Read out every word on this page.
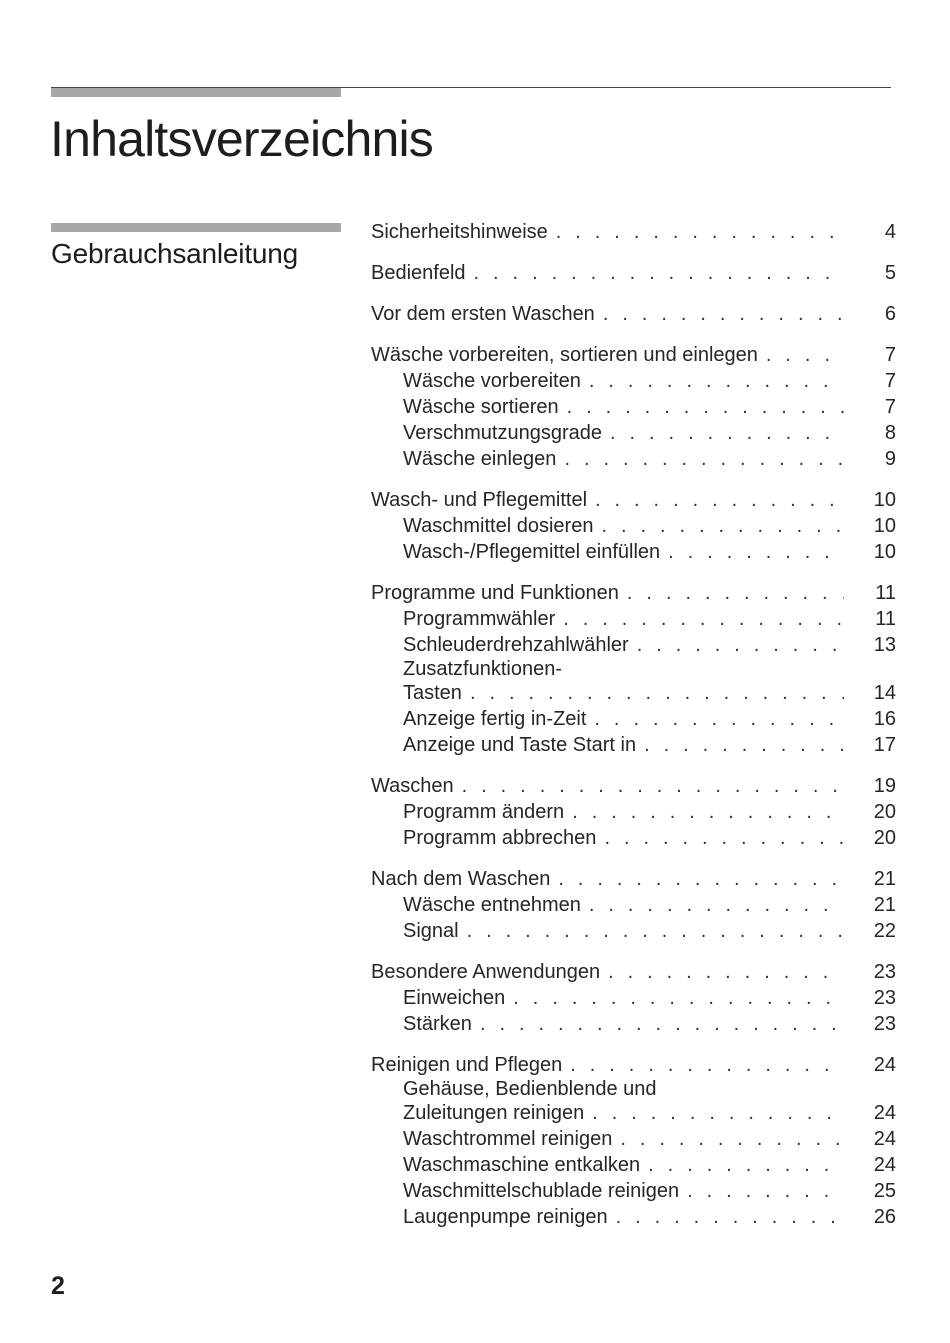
Inhaltsverzeichnis
Gebrauchsanleitung
Sicherheitshinweise . . .	4
Bedienfeld . . .	5
Vor dem ersten Waschen . . .	6
Wäsche vorbereiten, sortieren und einlegen . . .	7
Wäsche vorbereiten . . .	7
Wäsche sortieren . . .	7
Verschmutzungsgrade . . .	8
Wäsche einlegen . . .	9
Wasch- und Pflegemittel . . .	10
Waschmittel dosieren . . .	10
Wasch-/Pflegemittel einfüllen . . .	10
Programme und Funktionen . . .	11
Programmwähler . . .	11
Schleuderdrehzahlwähler . . .	13
Zusatzfunktionen-
Tasten . . .	14
Anzeige fertig in-Zeit . . .	16
Anzeige und Taste Start in . . .	17
Waschen . . .	19
Programm ändern . . .	20
Programm abbrechen . . .	20
Nach dem Waschen . . .	21
Wäsche entnehmen . . .	21
Signal . . .	22
Besondere Anwendungen . . .	23
Einweichen . . .	23
Stärken . . .	23
Reinigen und Pflegen . . .	24
Gehäuse, Bedienblende und
Zuleitungen reinigen . . .	24
Waschtrommel reinigen . . .	24
Waschmaschine entkalken . . .	24
Waschmittelschublade reinigen . . .	25
Laugenpumpe reinigen . . .	26

2
